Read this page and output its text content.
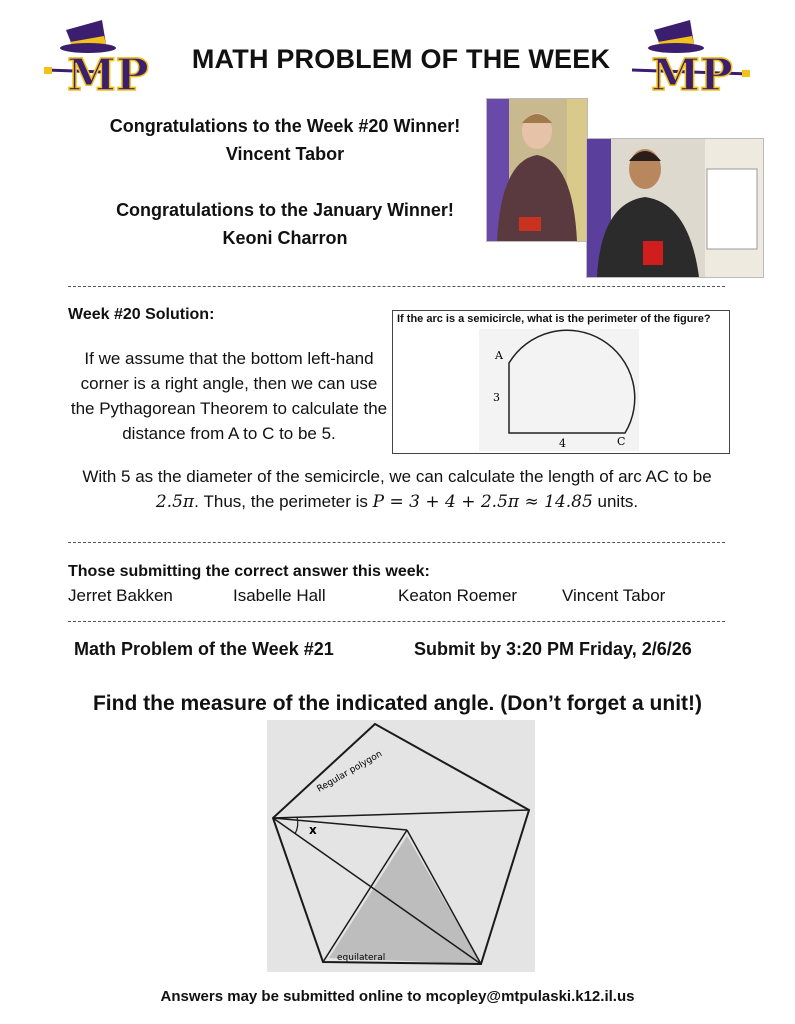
MP	MP
MATH PROBLEM OF THE WEEK
Congratulations to the Week #20 Winner!
Vincent Tabor
Congratulations to the January Winner!
Keoni Charron
Week #20 Solution:
If we assume that the bottom left-hand corner is a right angle, then we can use the Pythagorean Theorem to calculate the distance from A to C to be 5.
If the arc is a semicircle, what is the perimeter of the figure?
A
3
4	C
With 5 as the diameter of the semicircle, we can calculate the length of arc AC to be 2.5π. Thus, the perimeter is P = 3 + 4 + 2.5π ≈ 14.85 units.
Those submitting the correct answer this week:
Jerret Bakken	Isabelle Hall	Keaton Roemer	Vincent Tabor
Math Problem of the Week #21	Submit by 3:20 PM Friday, 2/6/26
Find the measure of the indicated angle. (Don’t forget a unit!)
x
Regular polygon
equilateral
Answers may be submitted online to mcopley@mtpulaski.k12.il.us
